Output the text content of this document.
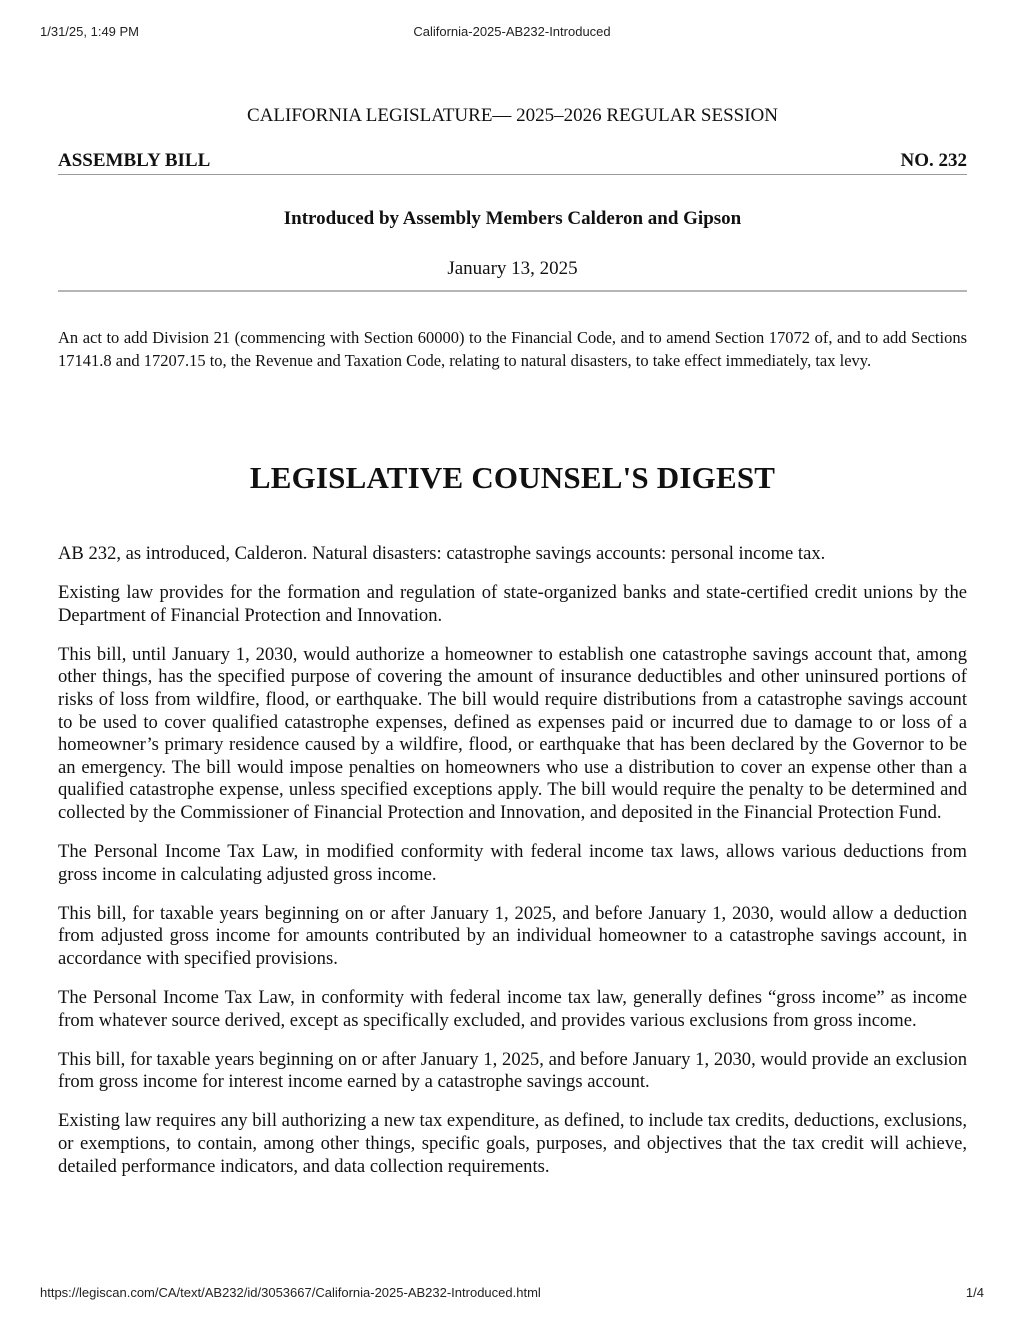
1/31/25, 1:49 PM	California-2025-AB232-Introduced
CALIFORNIA LEGISLATURE— 2025–2026 REGULAR SESSION
ASSEMBLY BILL	NO. 232
Introduced by Assembly Members Calderon and Gipson
January 13, 2025
An act to add Division 21 (commencing with Section 60000) to the Financial Code, and to amend Section 17072 of, and to add Sections 17141.8 and 17207.15 to, the Revenue and Taxation Code, relating to natural disasters, to take effect immediately, tax levy.
LEGISLATIVE COUNSEL'S DIGEST

AB 232, as introduced, Calderon. Natural disasters: catastrophe savings accounts: personal income tax.

Existing law provides for the formation and regulation of state-organized banks and state-certified credit unions by the Department of Financial Protection and Innovation.

This bill, until January 1, 2030, would authorize a homeowner to establish one catastrophe savings account that, among other things, has the specified purpose of covering the amount of insurance deductibles and other uninsured portions of risks of loss from wildfire, flood, or earthquake. The bill would require distributions from a catastrophe savings account to be used to cover qualified catastrophe expenses, defined as expenses paid or incurred due to damage to or loss of a homeowner’s primary residence caused by a wildfire, flood, or earthquake that has been declared by the Governor to be an emergency. The bill would impose penalties on homeowners who use a distribution to cover an expense other than a qualified catastrophe expense, unless specified exceptions apply. The bill would require the penalty to be determined and collected by the Commissioner of Financial Protection and Innovation, and deposited in the Financial Protection Fund.

The Personal Income Tax Law, in modified conformity with federal income tax laws, allows various deductions from gross income in calculating adjusted gross income.

This bill, for taxable years beginning on or after January 1, 2025, and before January 1, 2030, would allow a deduction from adjusted gross income for amounts contributed by an individual homeowner to a catastrophe savings account, in accordance with specified provisions.

The Personal Income Tax Law, in conformity with federal income tax law, generally defines “gross income” as income from whatever source derived, except as specifically excluded, and provides various exclusions from gross income.

This bill, for taxable years beginning on or after January 1, 2025, and before January 1, 2030, would provide an exclusion from gross income for interest income earned by a catastrophe savings account.

Existing law requires any bill authorizing a new tax expenditure, as defined, to include tax credits, deductions, exclusions, or exemptions, to contain, among other things, specific goals, purposes, and objectives that the tax credit will achieve, detailed performance indicators, and data collection requirements.

https://legiscan.com/CA/text/AB232/id/3053667/California-2025-AB232-Introduced.html	1/4
